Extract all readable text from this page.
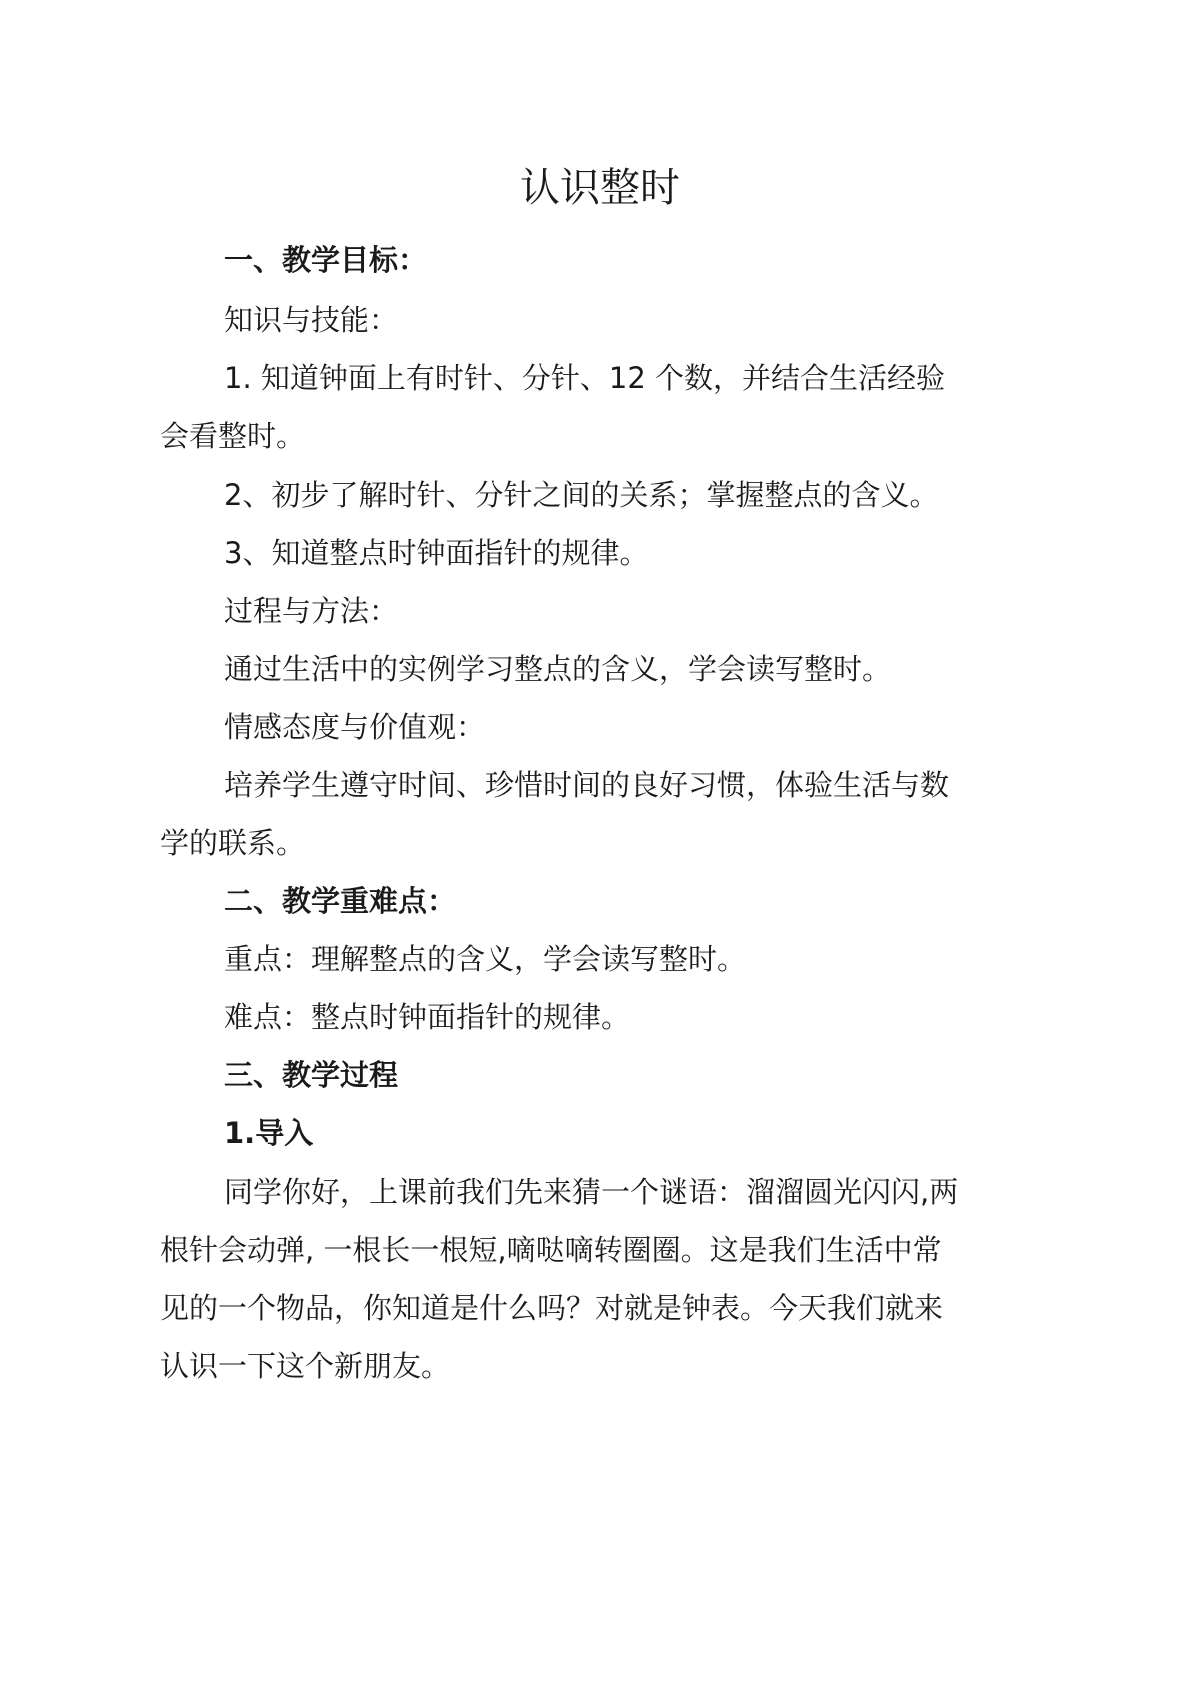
认识整时

一、教学目标：

知识与技能：

1. 知道钟面上有时针、分针、12 个数，并结合生活经验

会看整时。

2、初步了解时针、分针之间的关系；掌握整点的含义。

3、知道整点时钟面指针的规律。

过程与方法：

通过生活中的实例学习整点的含义，学会读写整时。

情感态度与价值观：

培养学生遵守时间、珍惜时间的良好习惯，体验生活与数

学的联系。

二、教学重难点：

重点：理解整点的含义，学会读写整时。

难点：整点时钟面指针的规律。

三、教学过程

1.导入

同学你好，上课前我们先来猜一个谜语：溜溜圆光闪闪,两

根针会动弹, 一根长一根短,嘀哒嘀转圈圈。这是我们生活中常

见的一个物品，你知道是什么吗？对就是钟表。今天我们就来

认识一下这个新朋友。
